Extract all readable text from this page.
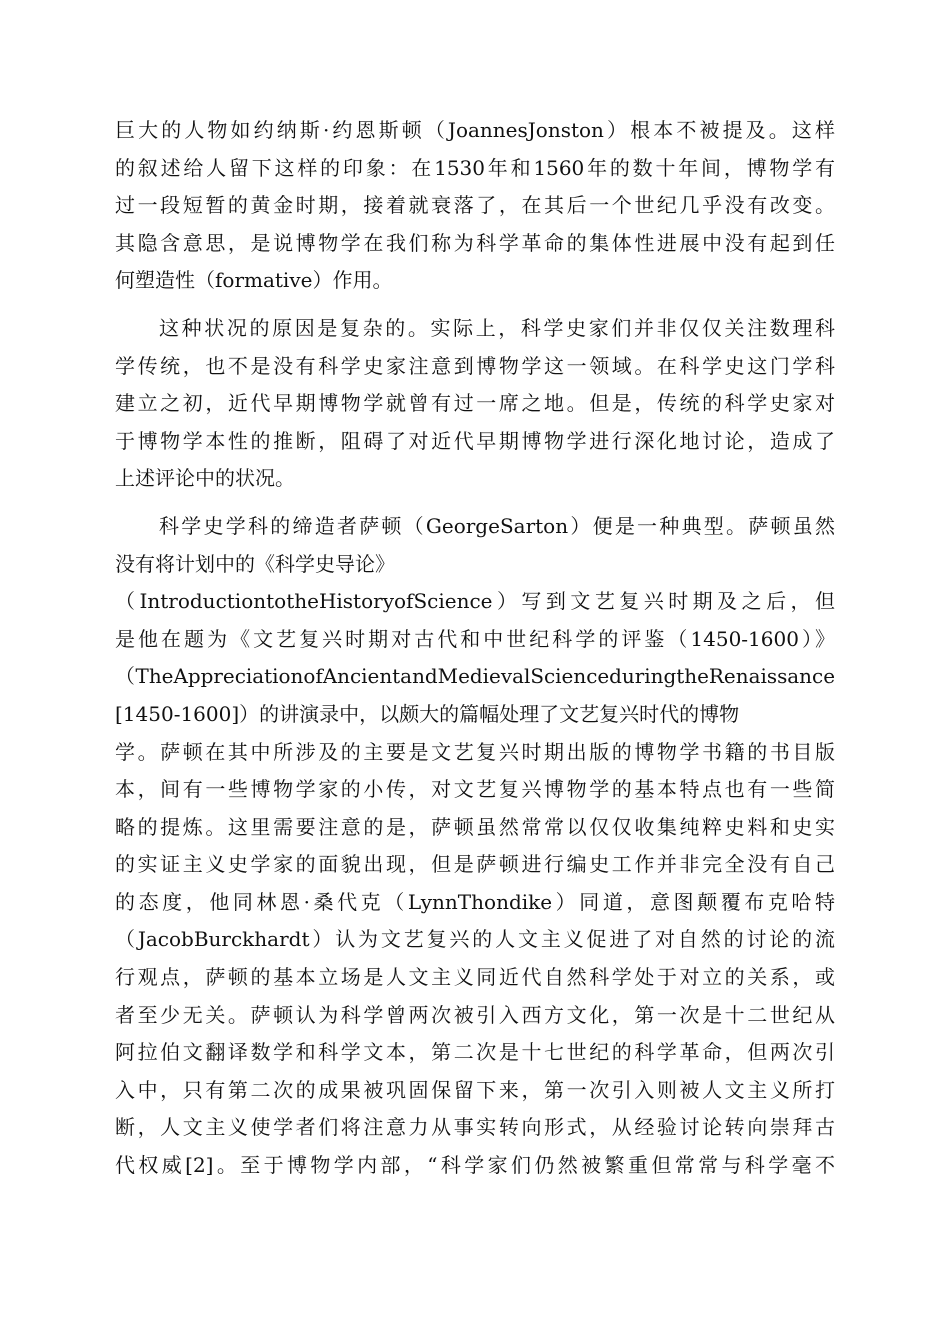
巨大的人物如约纳斯·约恩斯顿（JoannesJonston）根本不被提及。这样
的叙述给人留下这样的印象：在1530年和1560年的数十年间，博物学有
过一段短暂的黄金时期，接着就衰落了，在其后一个世纪几乎没有改变。
其隐含意思，是说博物学在我们称为科学革命的集体性进展中没有起到任
何塑造性（formative）作用。
这种状况的原因是复杂的。实际上，科学史家们并非仅仅关注数理科
学传统，也不是没有科学史家注意到博物学这一领域。在科学史这门学科
建立之初，近代早期博物学就曾有过一席之地。但是，传统的科学史家对
于博物学本性的推断，阻碍了对近代早期博物学进行深化地讨论，造成了
上述评论中的状况。
科学史学科的缔造者萨顿（GeorgeSarton）便是一种典型。萨顿虽然
没有将计划中的《科学史导论》
（IntroductiontotheHistoryofScience）写到文艺复兴时期及之后，但
是他在题为《文艺复兴时期对古代和中世纪科学的评鉴（1450-1600）》
（TheAppreciationofAncientandMedievalScienceduringtheRenaissance
[1450-1600]）的讲演录中，以颇大的篇幅处理了文艺复兴时代的博物
学。萨顿在其中所涉及的主要是文艺复兴时期出版的博物学书籍的书目版
本，间有一些博物学家的小传，对文艺复兴博物学的基本特点也有一些简
略的提炼。这里需要注意的是，萨顿虽然常常以仅仅收集纯粹史料和史实
的实证主义史学家的面貌出现，但是萨顿进行编史工作并非完全没有自己
的态度，他同林恩·桑代克（LynnThondike）同道，意图颠覆布克哈特
（JacobBurckhardt）认为文艺复兴的人文主义促进了对自然的讨论的流
行观点，萨顿的基本立场是人文主义同近代自然科学处于对立的关系，或
者至少无关。萨顿认为科学曾两次被引入西方文化，第一次是十二世纪从
阿拉伯文翻译数学和科学文本，第二次是十七世纪的科学革命，但两次引
入中，只有第二次的成果被巩固保留下来，第一次引入则被人文主义所打
断，人文主义使学者们将注意力从事实转向形式，从经验讨论转向崇拜古
代权威[2]。至于博物学内部，“科学家们仍然被繁重但常常与科学毫不
